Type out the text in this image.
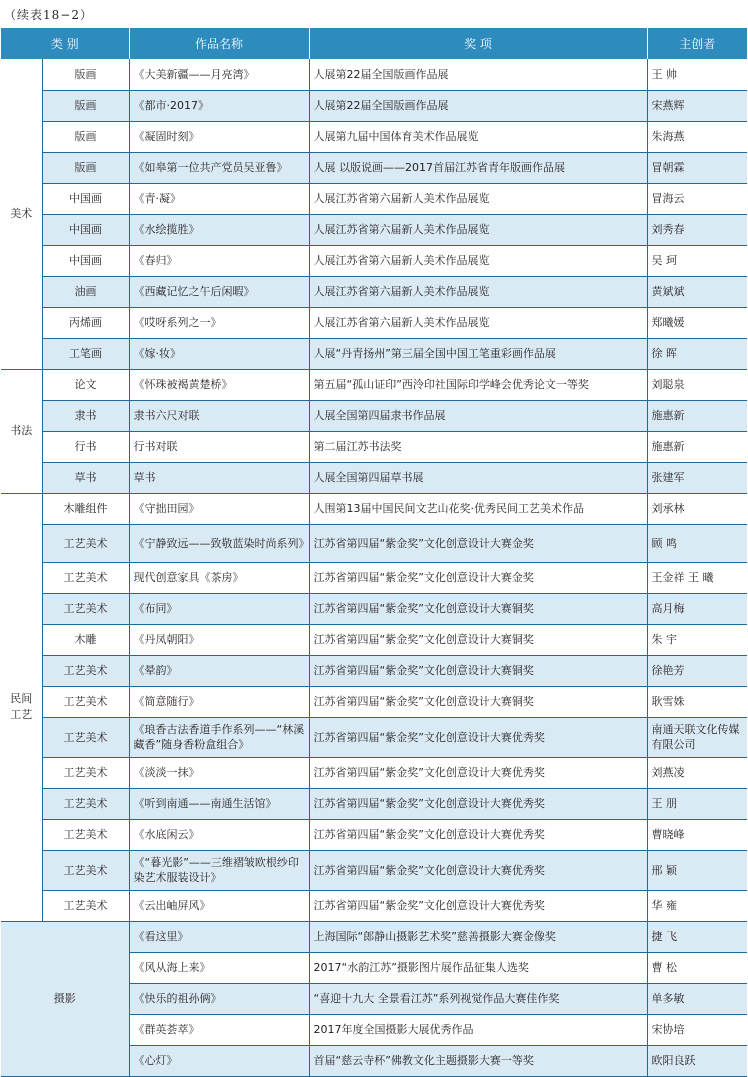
（续表18−2）
类 别		作品名称	奖 项	主创者
美术	版画	《大美新疆——月亮湾》	人展第22届全国版画作品展	王 帅
	版画	《都市·2017》	人展第22届全国版画作品展	宋燕辉
	版画	《凝固时刻》	人展第九届中国体育美术作品展览	朱海燕
	版画	《如皋第一位共产党员吴亚鲁》	人展 以版说画——2017首届江苏省青年版画作品展	冒朝霖
	中国画	《青·凝》	人展江苏省第六届新人美术作品展览	冒海云
	中国画	《水绘揽胜》	人展江苏省第六届新人美术作品展览	刘秀春
	中国画	《春归》	人展江苏省第六届新人美术作品展览	吴 珂
	油画	《西藏记忆之午后闲暇》	人展江苏省第六届新人美术作品展览	黄斌斌
	丙烯画	《哎呀系列之一》	人展江苏省第六届新人美术作品展览	郑曦媛
	工笔画	《嫁·妆》	人展“丹青扬州”第三届全国中国工笔重彩画作品展	徐 晖
书法	论文	《怀珠被褐黄楚桥》	第五届“孤山证印”西泠印社国际印学峰会优秀论文一等奖	刘聪泉
	隶书	隶书六尺对联	人展全国第四届隶书作品展	施惠新
	行书	行书对联	第二届江苏书法奖	施惠新
	草书	草书	人展全国第四届草书展	张建军
民间工艺	木雕组件	《守拙田园》	人围第13届中国民间文艺山花奖·优秀民间工艺美术作品	刘承林
	工艺美术	《宁静致远——致敬蓝染时尚系列》	江苏省第四届“紫金奖”文化创意设计大赛金奖	顾 鸣
	工艺美术	现代创意家具《茶房》	江苏省第四届“紫金奖”文化创意设计大赛金奖	王金祥 王 曦
	工艺美术	《布同》	江苏省第四届“紫金奖”文化创意设计大赛铜奖	高月梅
	木雕	《丹凤朝阳》	江苏省第四届“紫金奖”文化创意设计大赛铜奖	朱 宇
	工艺美术	《晕韵》	江苏省第四届“紫金奖”文化创意设计大赛铜奖	徐艳芳
	工艺美术	《简意随行》	江苏省第四届“紫金奖”文化创意设计大赛铜奖	耿雪姝
	工艺美术	《琅香古法香道手作系列——“林溪藏香”随身香粉盒组合》	江苏省第四届“紫金奖”文化创意设计大赛优秀奖	南通天联文化传媒有限公司
	工艺美术	《淡淡一抹》	江苏省第四届“紫金奖”文化创意设计大赛优秀奖	刘燕凌
	工艺美术	《听到南通——南通生活馆》	江苏省第四届“紫金奖”文化创意设计大赛优秀奖	王 朋
	工艺美术	《水底闲云》	江苏省第四届“紫金奖”文化创意设计大赛优秀奖	曹晓峰
	工艺美术	《“暮光影”——三维褶皱欧根纱印染艺术服装设计》	江苏省第四届“紫金奖”文化创意设计大赛优秀奖	邢 颖
	工艺美术	《云出岫屏风》	江苏省第四届“紫金奖”文化创意设计大赛优秀奖	华 雍
摄影		《看这里》	上海国际“郎静山摄影艺术奖”慈善摄影大赛金像奖	捷 飞
		《风从海上来》	2017“水韵江苏”摄影图片展作品征集人选奖	曹 松
		《快乐的祖孙俩》	“喜迎十九大 全景看江苏”系列视觉作品大赛佳作奖	单多敏
		《群英荟萃》	2017年度全国摄影大展优秀作品	宋协培
		《心灯》	首届“慈云寺杯”佛教文化主题摄影大赛一等奖	欧阳良跃
